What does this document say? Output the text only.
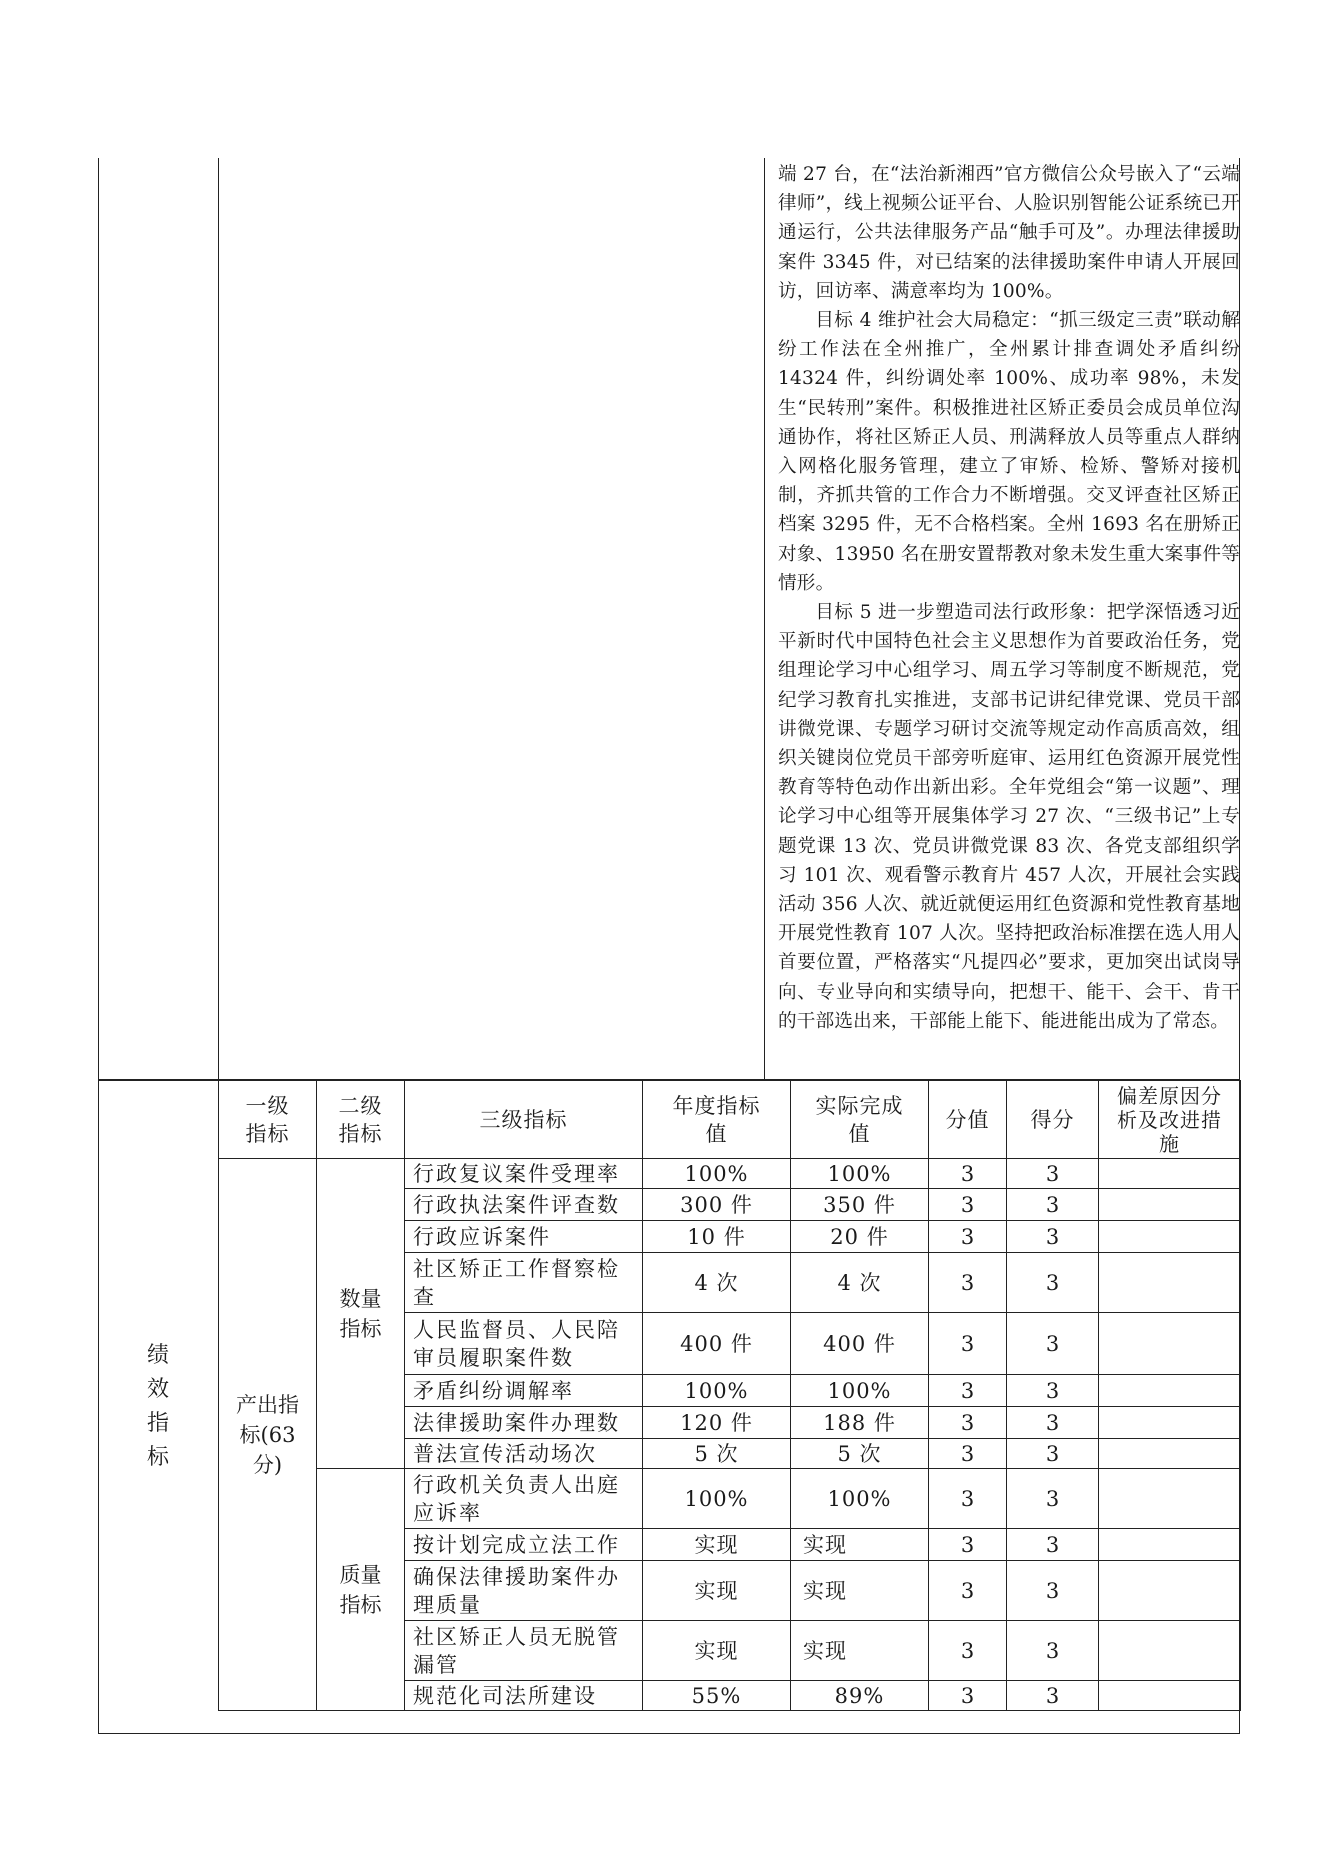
端 27 台，在“法治新湘西”官方微信公众号嵌入了“云端律师”，线上视频公证平台、人脸识别智能公证系统已开通运行，公共法律服务产品“触手可及”。办理法律援助案件 3345 件，对已结案的法律援助案件申请人开展回访，回访率、满意率均为 100%。

目标 4 维护社会大局稳定：“抓三级定三责”联动解纷工作法在全州推广，全州累计排查调处矛盾纠纷 14324 件，纠纷调处率 100%、成功率 98%，未发生“民转刑”案件。积极推进社区矫正委员会成员单位沟通协作，将社区矫正人员、刑满释放人员等重点人群纳入网格化服务管理，建立了审矫、检矫、警矫对接机制，齐抓共管的工作合力不断增强。交叉评查社区矫正档案 3295 件，无不合格档案。全州 1693 名在册矫正对象、13950 名在册安置帮教对象未发生重大案事件等情形。

目标 5 进一步塑造司法行政形象：把学深悟透习近平新时代中国特色社会主义思想作为首要政治任务，党组理论学习中心组学习、周五学习等制度不断规范，党纪学习教育扎实推进，支部书记讲纪律党课、党员干部讲微党课、专题学习研讨交流等规定动作高质高效，组织关键岗位党员干部旁听庭审、运用红色资源开展党性教育等特色动作出新出彩。全年党组会“第一议题”、理论学习中心组等开展集体学习 27 次、“三级书记”上专题党课 13 次、党员讲微党课 83 次、各党支部组织学习 101 次、观看警示教育片 457 人次，开展社会实践活动 356 人次、就近就便运用红色资源和党性教育基地开展党性教育 107 人次。坚持把政治标准摆在选人用人首要位置，严格落实“凡提四必”要求，更加突出试岗导向、专业导向和实绩导向，把想干、能干、会干、肯干的干部选出来，干部能上能下、能进能出成为了常态。

绩效指标
一级指标	二级指标	三级指标	年度指标值	实际完成值	分值	得分	偏差原因分析及改进措施
产出指标(63分)	数量指标	行政复议案件受理率	100%	100%	3	3	
		行政执法案件评查数	300 件	350 件	3	3	
		行政应诉案件	10 件	20 件	3	3	
		社区矫正工作督察检查	4 次	4 次	3	3	
		人民监督员、人民陪审员履职案件数	400 件	400 件	3	3	
		矛盾纠纷调解率	100%	100%	3	3	
		法律援助案件办理数	120 件	188 件	3	3	
		普法宣传活动场次	5 次	5 次	3	3	
	质量指标	行政机关负责人出庭应诉率	100%	100%	3	3	
		按计划完成立法工作	实现	实现	3	3	
		确保法律援助案件办理质量	实现	实现	3	3	
		社区矫正人员无脱管漏管	实现	实现	3	3	
		规范化司法所建设	55%	89%	3	3	
